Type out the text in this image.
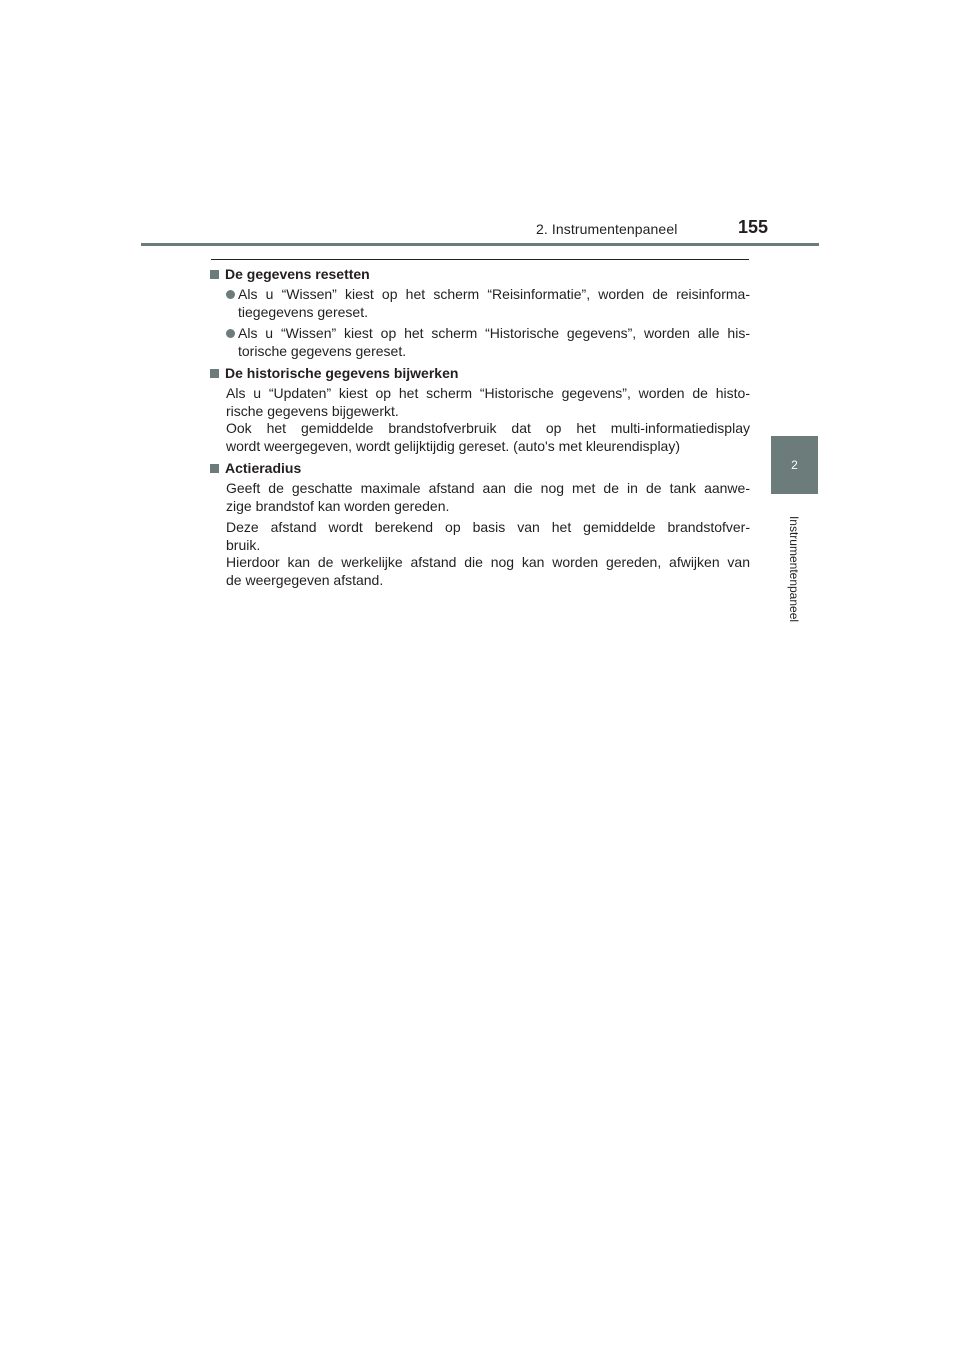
2. Instrumentenpaneel	155
2
Instrumentenpaneel
De gegevens resetten
Als u “Wissen” kiest op het scherm “Reisinformatie”, worden de reisinforma-tiegegevens gereset.
Als u “Wissen” kiest op het scherm “Historische gegevens”, worden alle his-torische gegevens gereset.
De historische gegevens bijwerken
Als u “Updaten” kiest op het scherm “Historische gegevens”, worden de histo-
rische gegevens bijgewerkt.
Ook het gemiddelde brandstofverbruik dat op het multi-informatiedisplay
wordt weergegeven, wordt gelijktijdig gereset. (auto's met kleurendisplay)
Actieradius
Geeft de geschatte maximale afstand aan die nog met de in de tank aanwe-
zige brandstof kan worden gereden.
Deze afstand wordt berekend op basis van het gemiddelde brandstofver-
bruik.
Hierdoor kan de werkelijke afstand die nog kan worden gereden, afwijken van
de weergegeven afstand.
